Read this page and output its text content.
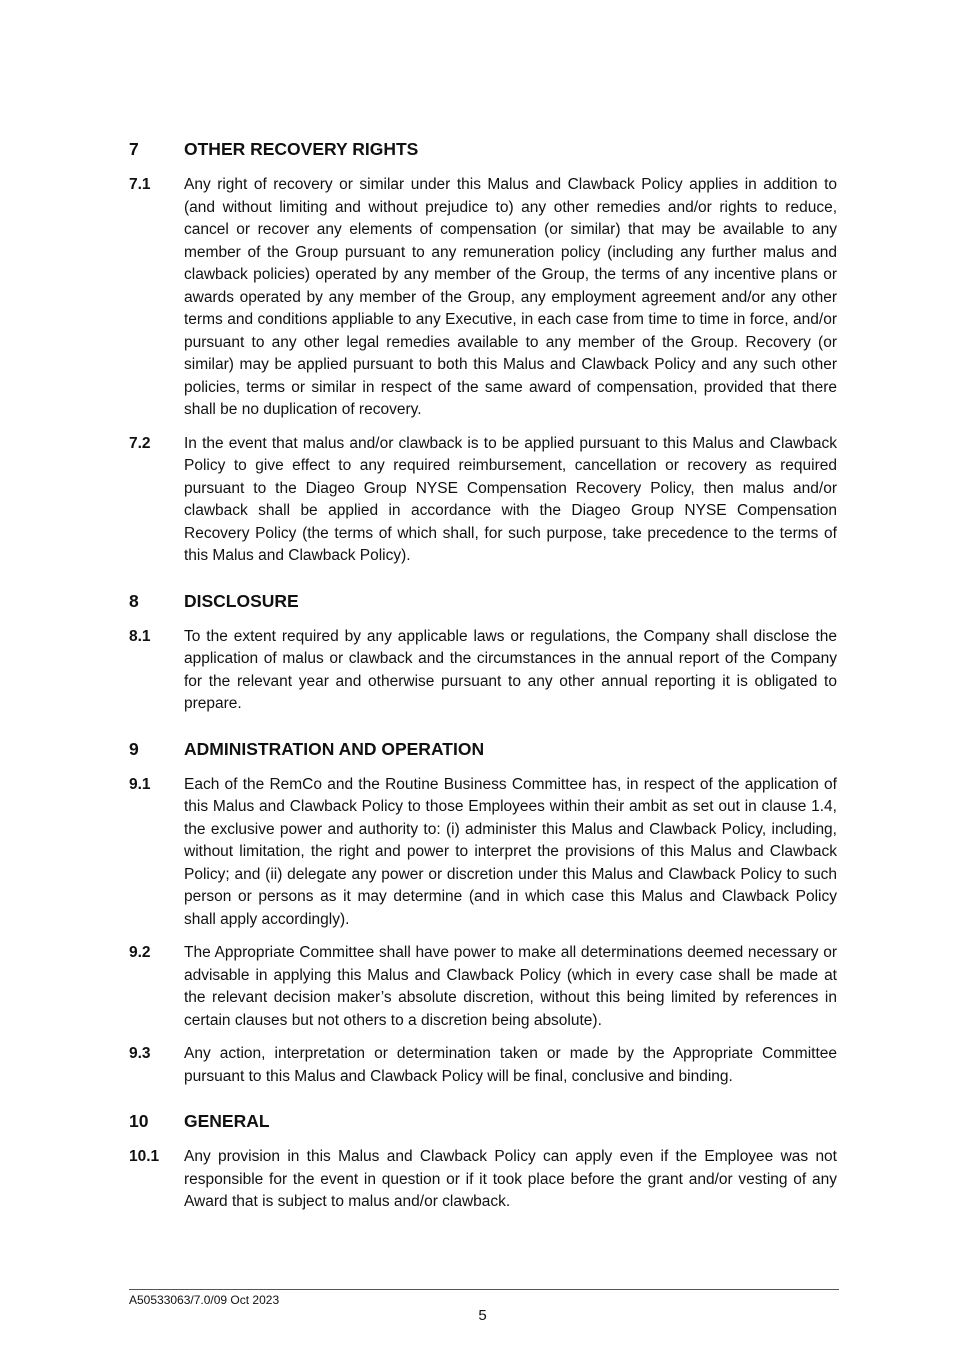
7	OTHER RECOVERY RIGHTS
7.1	Any right of recovery or similar under this Malus and Clawback Policy applies in addition to (and without limiting and without prejudice to) any other remedies and/or rights to reduce, cancel or recover any elements of compensation (or similar) that may be available to any member of the Group pursuant to any remuneration policy (including any further malus and clawback policies) operated by any member of the Group, the terms of any incentive plans or awards operated by any member of the Group, any employment agreement and/or any other terms and conditions appliable to any Executive, in each case from time to time in force, and/or pursuant to any other legal remedies available to any member of the Group. Recovery (or similar) may be applied pursuant to both this Malus and Clawback Policy and any such other policies, terms or similar in respect of the same award of compensation, provided that there shall be no duplication of recovery.
7.2	In the event that malus and/or clawback is to be applied pursuant to this Malus and Clawback Policy to give effect to any required reimbursement, cancellation or recovery as required pursuant to the Diageo Group NYSE Compensation Recovery Policy, then malus and/or clawback shall be applied in accordance with the Diageo Group NYSE Compensation Recovery Policy (the terms of which shall, for such purpose, take precedence to the terms of this Malus and Clawback Policy).
8	DISCLOSURE
8.1	To the extent required by any applicable laws or regulations, the Company shall disclose the application of malus or clawback and the circumstances in the annual report of the Company for the relevant year and otherwise pursuant to any other annual reporting it is obligated to prepare.
9	ADMINISTRATION AND OPERATION
9.1	Each of the RemCo and the Routine Business Committee has, in respect of the application of this Malus and Clawback Policy to those Employees within their ambit as set out in clause 1.4, the exclusive power and authority to: (i) administer this Malus and Clawback Policy, including, without limitation, the right and power to interpret the provisions of this Malus and Clawback Policy; and (ii) delegate any power or discretion under this Malus and Clawback Policy to such person or persons as it may determine (and in which case this Malus and Clawback Policy shall apply accordingly).
9.2	The Appropriate Committee shall have power to make all determinations deemed necessary or advisable in applying this Malus and Clawback Policy (which in every case shall be made at the relevant decision maker’s absolute discretion, without this being limited by references in certain clauses but not others to a discretion being absolute).
9.3	Any action, interpretation or determination taken or made by the Appropriate Committee pursuant to this Malus and Clawback Policy will be final, conclusive and binding.
10	GENERAL
10.1	Any provision in this Malus and Clawback Policy can apply even if the Employee was not responsible for the event in question or if it took place before the grant and/or vesting of any Award that is subject to malus and/or clawback.
A50533063/7.0/09 Oct 2023
5
